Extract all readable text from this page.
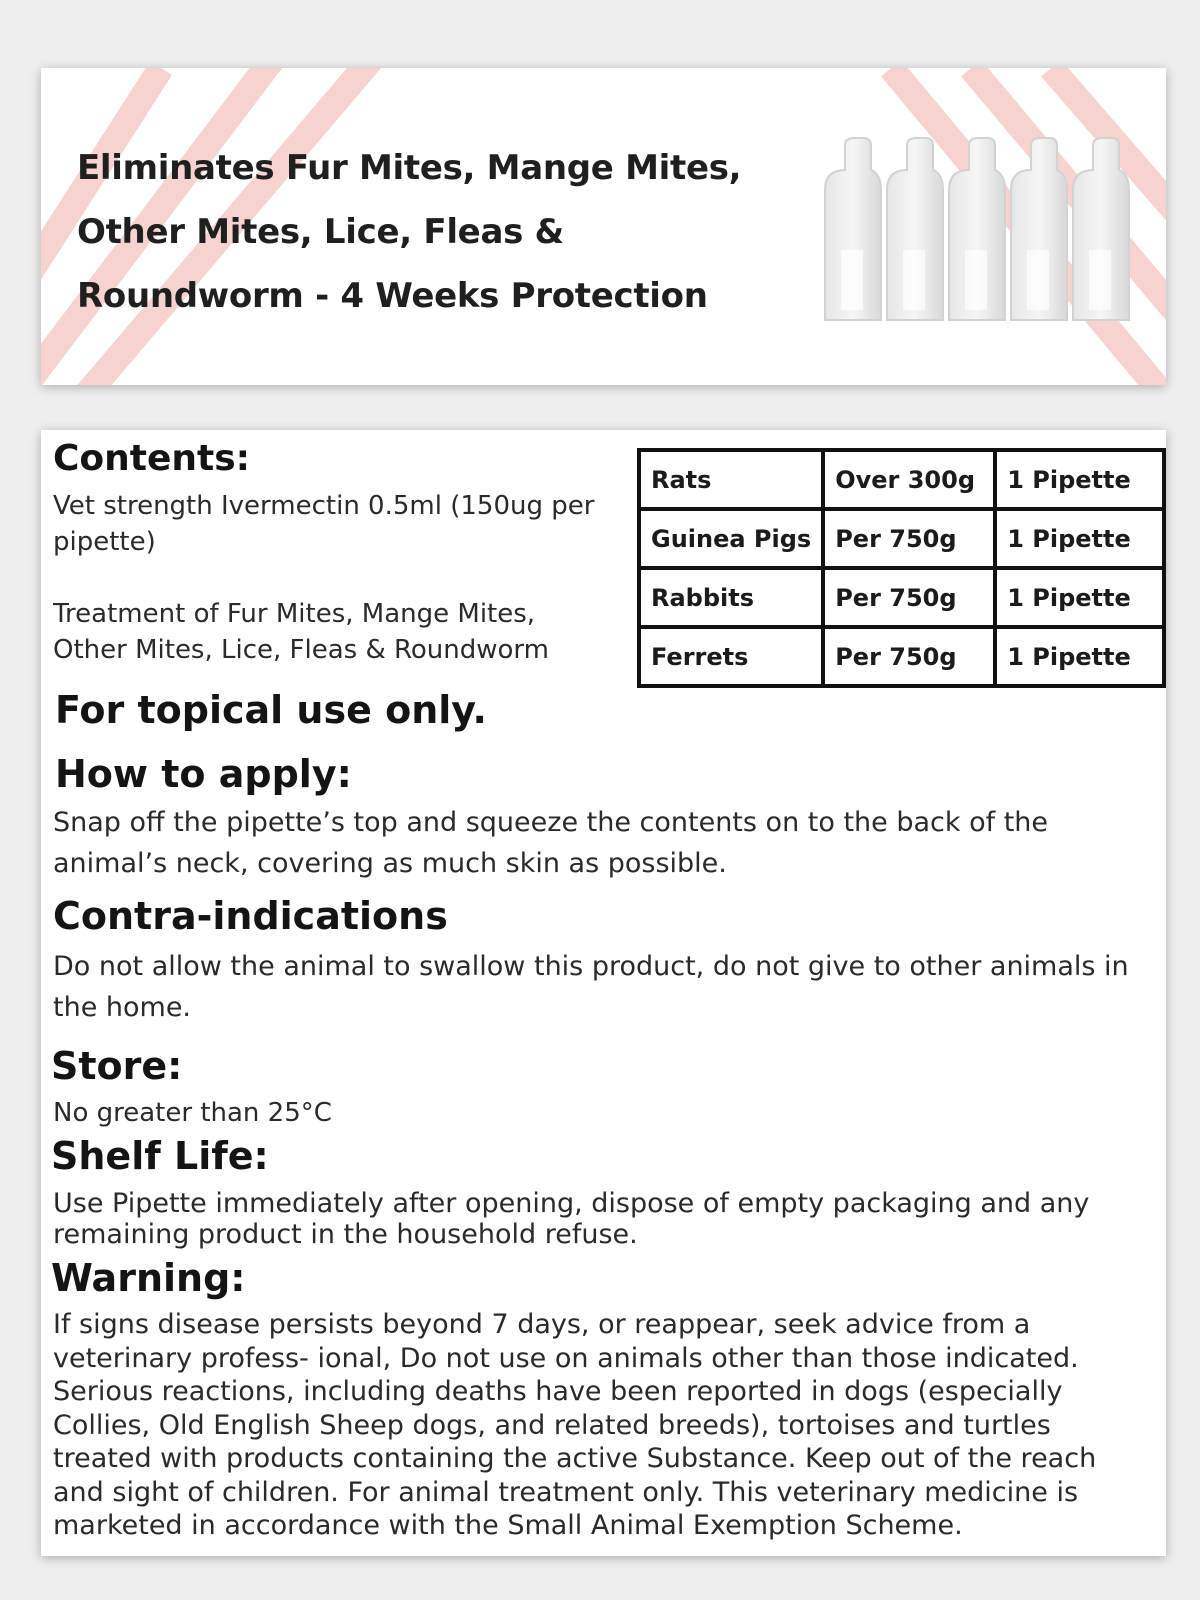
Eliminates Fur Mites, Mange Mites, Other Mites, Lice, Fleas & Roundworm - 4 Weeks Protection
Contents:

Vet strength Ivermectin 0.5ml (150ug per pipette)

Treatment of Fur Mites, Mange Mites, Other Mites, Lice, Fleas & Roundworm

Rats	Over 300g	1 Pipette
Guinea Pigs	Per 750g	1 Pipette
Rabbits	Per 750g	1 Pipette
Ferrets	Per 750g	1 Pipette
For topical use only.
How to apply:

Snap off the pipette’s top and squeeze the contents on to the back of the animal’s neck, covering as much skin as possible.

Contra-indications

Do not allow the animal to swallow this product, do not give to other animals in the home.

Store:

No greater than 25°C

Shelf Life:

Use Pipette immediately after opening, dispose of empty packaging and any remaining product in the household refuse.

Warning:

If signs disease persists beyond 7 days, or reappear, seek advice from a veterinary profess- ional, Do not use on animals other than those indicated. Serious reactions, including deaths have been reported in dogs (especially Collies, Old English Sheep dogs, and related breeds), tortoises and turtles treated with products containing the active Substance. Keep out of the reach and sight of children. For animal treatment only. This veterinary medicine is marketed in accordance with the Small Animal Exemption Scheme.
